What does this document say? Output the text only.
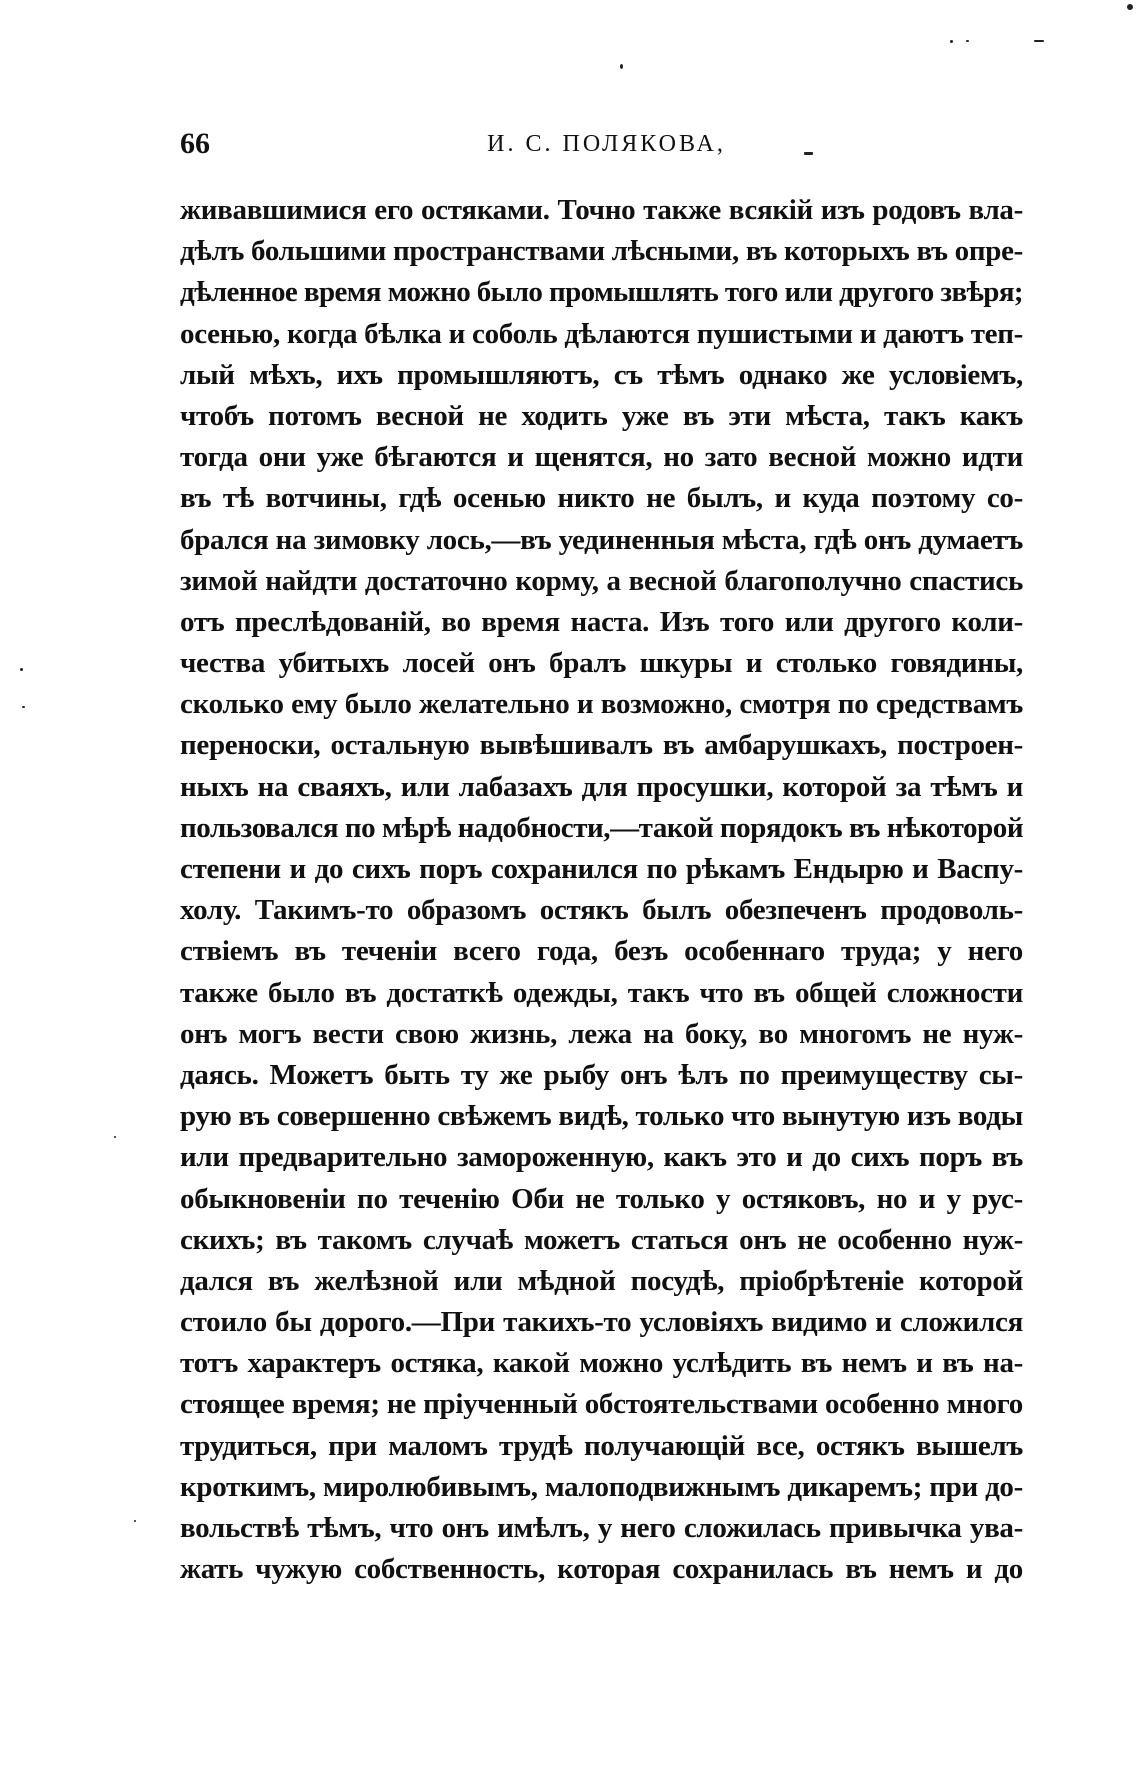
66	И. С. ПОЛЯКОВА,
живавшимися его остяками. Точно также всякій изъ родовъ вла-
дѣлъ большими пространствами лѣсными, въ которыхъ въ опре-
дѣленное время можно было промышлять того или другого звѣря;
осенью, когда бѣлка и соболь дѣлаются пушистыми и даютъ теп-
лый мѣхъ, ихъ промышляютъ, съ тѣмъ однако же условіемъ,
чтобъ потомъ весной не ходить уже въ эти мѣста, такъ какъ
тогда они уже бѣгаются и щенятся, но зато весной можно идти
въ тѣ вотчины, гдѣ осенью никто не былъ, и куда поэтому со-
брался на зимовку лось,—въ уединенныя мѣста, гдѣ онъ думаетъ
зимой найдти достаточно корму, а весной благополучно спастись
отъ преслѣдованій, во время наста. Изъ того или другого коли-
чества убитыхъ лосей онъ бралъ шкуры и столько говядины,
сколько ему было желательно и возможно, смотря по средствамъ
переноски, остальную вывѣшивалъ въ амбарушкахъ, построен-
ныхъ на сваяхъ, или лабазахъ для просушки, которой за тѣмъ и
пользовался по мѣрѣ надобности,—такой порядокъ въ нѣкоторой
степени и до сихъ поръ сохранился по рѣкамъ Ендырю и Васпу-
холу. Такимъ-то образомъ остякъ былъ обезпеченъ продоволь-
ствіемъ въ теченіи всего года, безъ особеннаго труда; у него
также было въ достаткѣ одежды, такъ что въ общей сложности
онъ могъ вести свою жизнь, лежа на боку, во многомъ не нуж-
даясь. Можетъ быть ту же рыбу онъ ѣлъ по преимуществу сы-
рую въ совершенно свѣжемъ видѣ, только что вынутую изъ воды
или предварительно замороженную, какъ это и до сихъ поръ въ
обыкновеніи по теченію Оби не только у остяковъ, но и у рус-
скихъ; въ такомъ случаѣ можетъ статься онъ не особенно нуж-
дался въ желѣзной или мѣдной посудѣ, пріобрѣтеніе которой
стоило бы дорого.—При такихъ-то условіяхъ видимо и сложился
тотъ характеръ остяка, какой можно услѣдить въ немъ и въ на-
стоящее время; не пріученный обстоятельствами особенно много
трудиться, при маломъ трудѣ получающій все, остякъ вышелъ
кроткимъ, миролюбивымъ, малоподвижнымъ дикаремъ; при до-
вольствѣ тѣмъ, что онъ имѣлъ, у него сложилась привычка ува-
жать чужую собственность, которая сохранилась въ немъ и до
